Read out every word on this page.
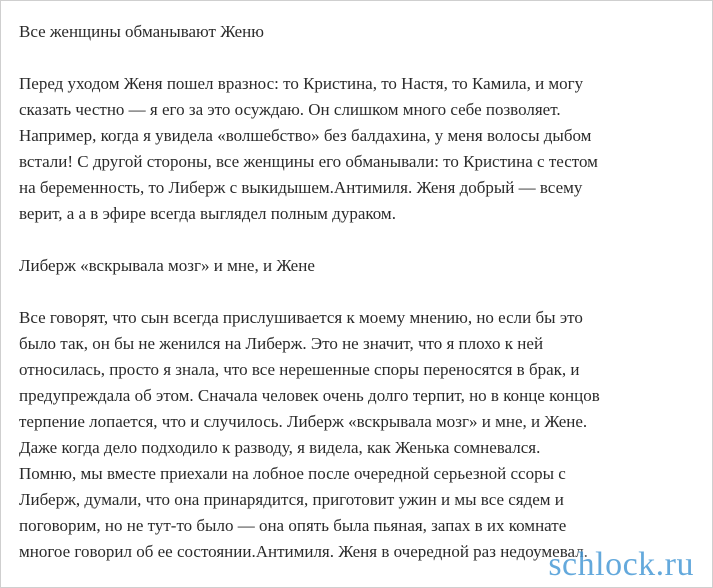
Все женщины обманывают Женю
Перед уходом Женя пошел вразнос: то Кристина, то Настя, то Камила, и могу
сказать честно — я его за это осуждаю. Он слишком много себе позволяет.
Например, когда я увидела «волшебство» без балдахина, у меня волосы дыбом
встали! С другой стороны, все женщины его обманывали: то Кристина с тестом
на беременность, то Либерж с выкидышем.Антимиля. Женя добрый — всему
верит, а а в эфире всегда выглядел полным дураком.
Либерж «вскрывала мозг» и мне, и Жене
Все говорят, что сын всегда прислушивается к моему мнению, но если бы это
было так, он бы не женился на Либерж. Это не значит, что я плохо к ней
относилась, просто я знала, что все нерешенные споры переносятся в брак, и
предупреждала об этом. Сначала человек очень долго терпит, но в конце концов
терпение лопается, что и случилось. Либерж «вскрывала мозг» и мне, и Жене.
Даже когда дело подходило к разводу, я видела, как Женька сомневался.
Помню, мы вместе приехали на лобное после очередной серьезной ссоры с
Либерж, думали, что она принарядится, приготовит ужин и мы все сядем и
поговорим, но не тут-то было — она опять была пьяная, запах в их комнате
многое говорил об ее состоянии.Антимиля. Женя в очередной раз недоумевал.
schlock.ru
